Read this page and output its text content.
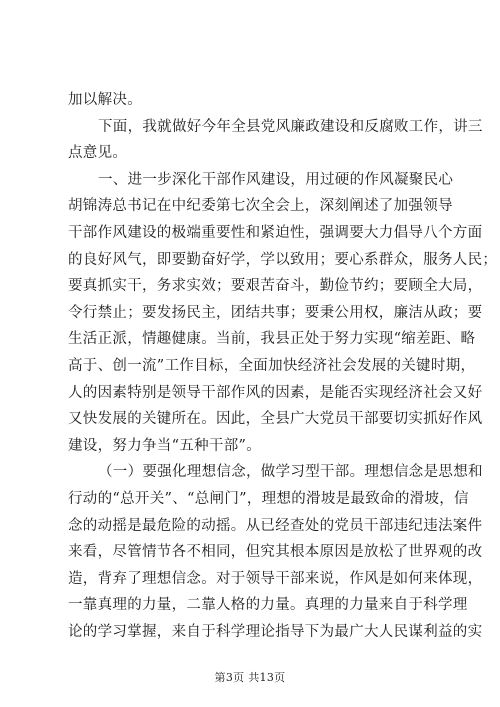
加以解决。
下面，我就做好今年全县党风廉政建设和反腐败工作，讲三
点意见。
一、进一步深化干部作风建设，用过硬的作风凝聚民心
胡锦涛总书记在中纪委第七次全会上，深刻阐述了加强领导
干部作风建设的极端重要性和紧迫性，强调要大力倡导八个方面
的良好风气，即要勤奋好学，学以致用；要心系群众，服务人民；
要真抓实干，务求实效；要艰苦奋斗，勤俭节约；要顾全大局，
令行禁止；要发扬民主，团结共事；要秉公用权，廉洁从政；要
生活正派，情趣健康。当前，我县正处于努力实现“缩差距、略
高于、创一流”工作目标，全面加快经济社会发展的关键时期，
人的因素特别是领导干部作风的因素，是能否实现经济社会又好
又快发展的关键所在。因此，全县广大党员干部要切实抓好作风
建设，努力争当“五种干部”。
（一）要强化理想信念，做学习型干部。理想信念是思想和
行动的“总开关”、“总闸门”，理想的滑坡是最致命的滑坡，信
念的动摇是最危险的动摇。从已经查处的党员干部违纪违法案件
来看，尽管情节各不相同，但究其根本原因是放松了世界观的改
造，背弃了理想信念。对于领导干部来说，作风是如何来体现，
一靠真理的力量，二靠人格的力量。真理的力量来自于科学理
论的学习掌握，来自于科学理论指导下为最广大人民谋利益的实
第3页 共13页
